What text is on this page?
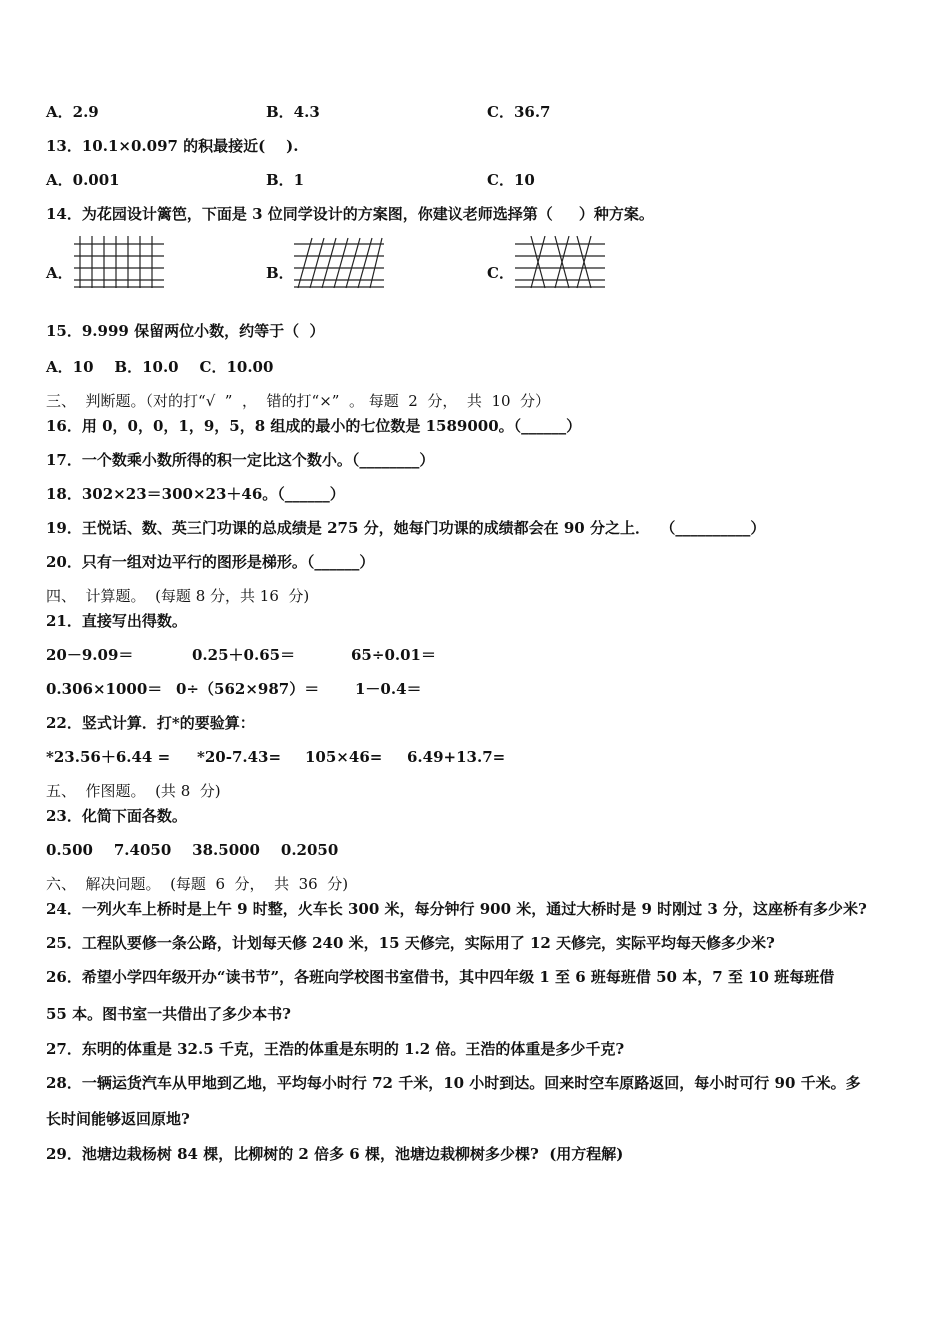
A．2.9	B．4.3	C．36.7
13．10.1×0.097 的积最接近(    ).
A．0.001	B．1	C．10
14．为花园设计篱笆，下面是 3 位同学设计的方案图，你建议老师选择第（     ）种方案。
A．	B．	C．
15．9.999 保留两位小数，约等于（  ）
A．10    B．10.0    C．10.00
三、  判断题。（对的打“√  ”  ，  错的打“×”  。 每题  2  分，  共  10  分）
16．用 0，0，0，1，9，5，8 组成的最小的七位数是 1589000。（______）
17．一个数乘小数所得的积一定比这个数小。（________）
18．302×23＝300×23＋46。（______）
19．王悦话、数、英三门功课的总成绩是 275 分，她每门功课的成绩都会在 90 分之上．  （__________）
20．只有一组对边平行的图形是梯形。（______）
四、  计算题。  (每题 8 分，共 16  分)
21．直接写出得数。
20－9.09＝	0.25＋0.65＝	65÷0.01＝
0.306×1000＝ 0÷（562×987）＝ 1－0.4＝
22．竖式计算．打*的要验算：
*23.56＋6.44 = *20-7.43= 105×46= 6.49+13.7=
五、  作图题。  (共 8  分)
23．化简下面各数。
0.500    7.4050    38.5000    0.2050
六、  解决问题。  (每题  6  分，  共  36  分)
24．一列火车上桥时是上午 9 时整，火车长 300 米，每分钟行 900 米，通过大桥时是 9 时刚过 3 分，这座桥有多少米?
25．工程队要修一条公路，计划每天修 240 米，15 天修完，实际用了 12 天修完，实际平均每天修多少米?
26．希望小学四年级开办“读书节”，各班向学校图书室借书，其中四年级 1 至 6 班每班借 50 本，7 至 10 班每班借
55 本。图书室一共借出了多少本书?
27．东明的体重是 32.5 千克，王浩的体重是东明的 1.2 倍。王浩的体重是多少千克?
28．一辆运货汽车从甲地到乙地，平均每小时行 72 千米，10 小时到达。回来时空车原路返回，每小时可行 90 千米。多
长时间能够返回原地?
29．池塘边栽杨树 84 棵，比柳树的 2 倍多 6 棵，池塘边栽柳树多少棵?  (用方程解)
